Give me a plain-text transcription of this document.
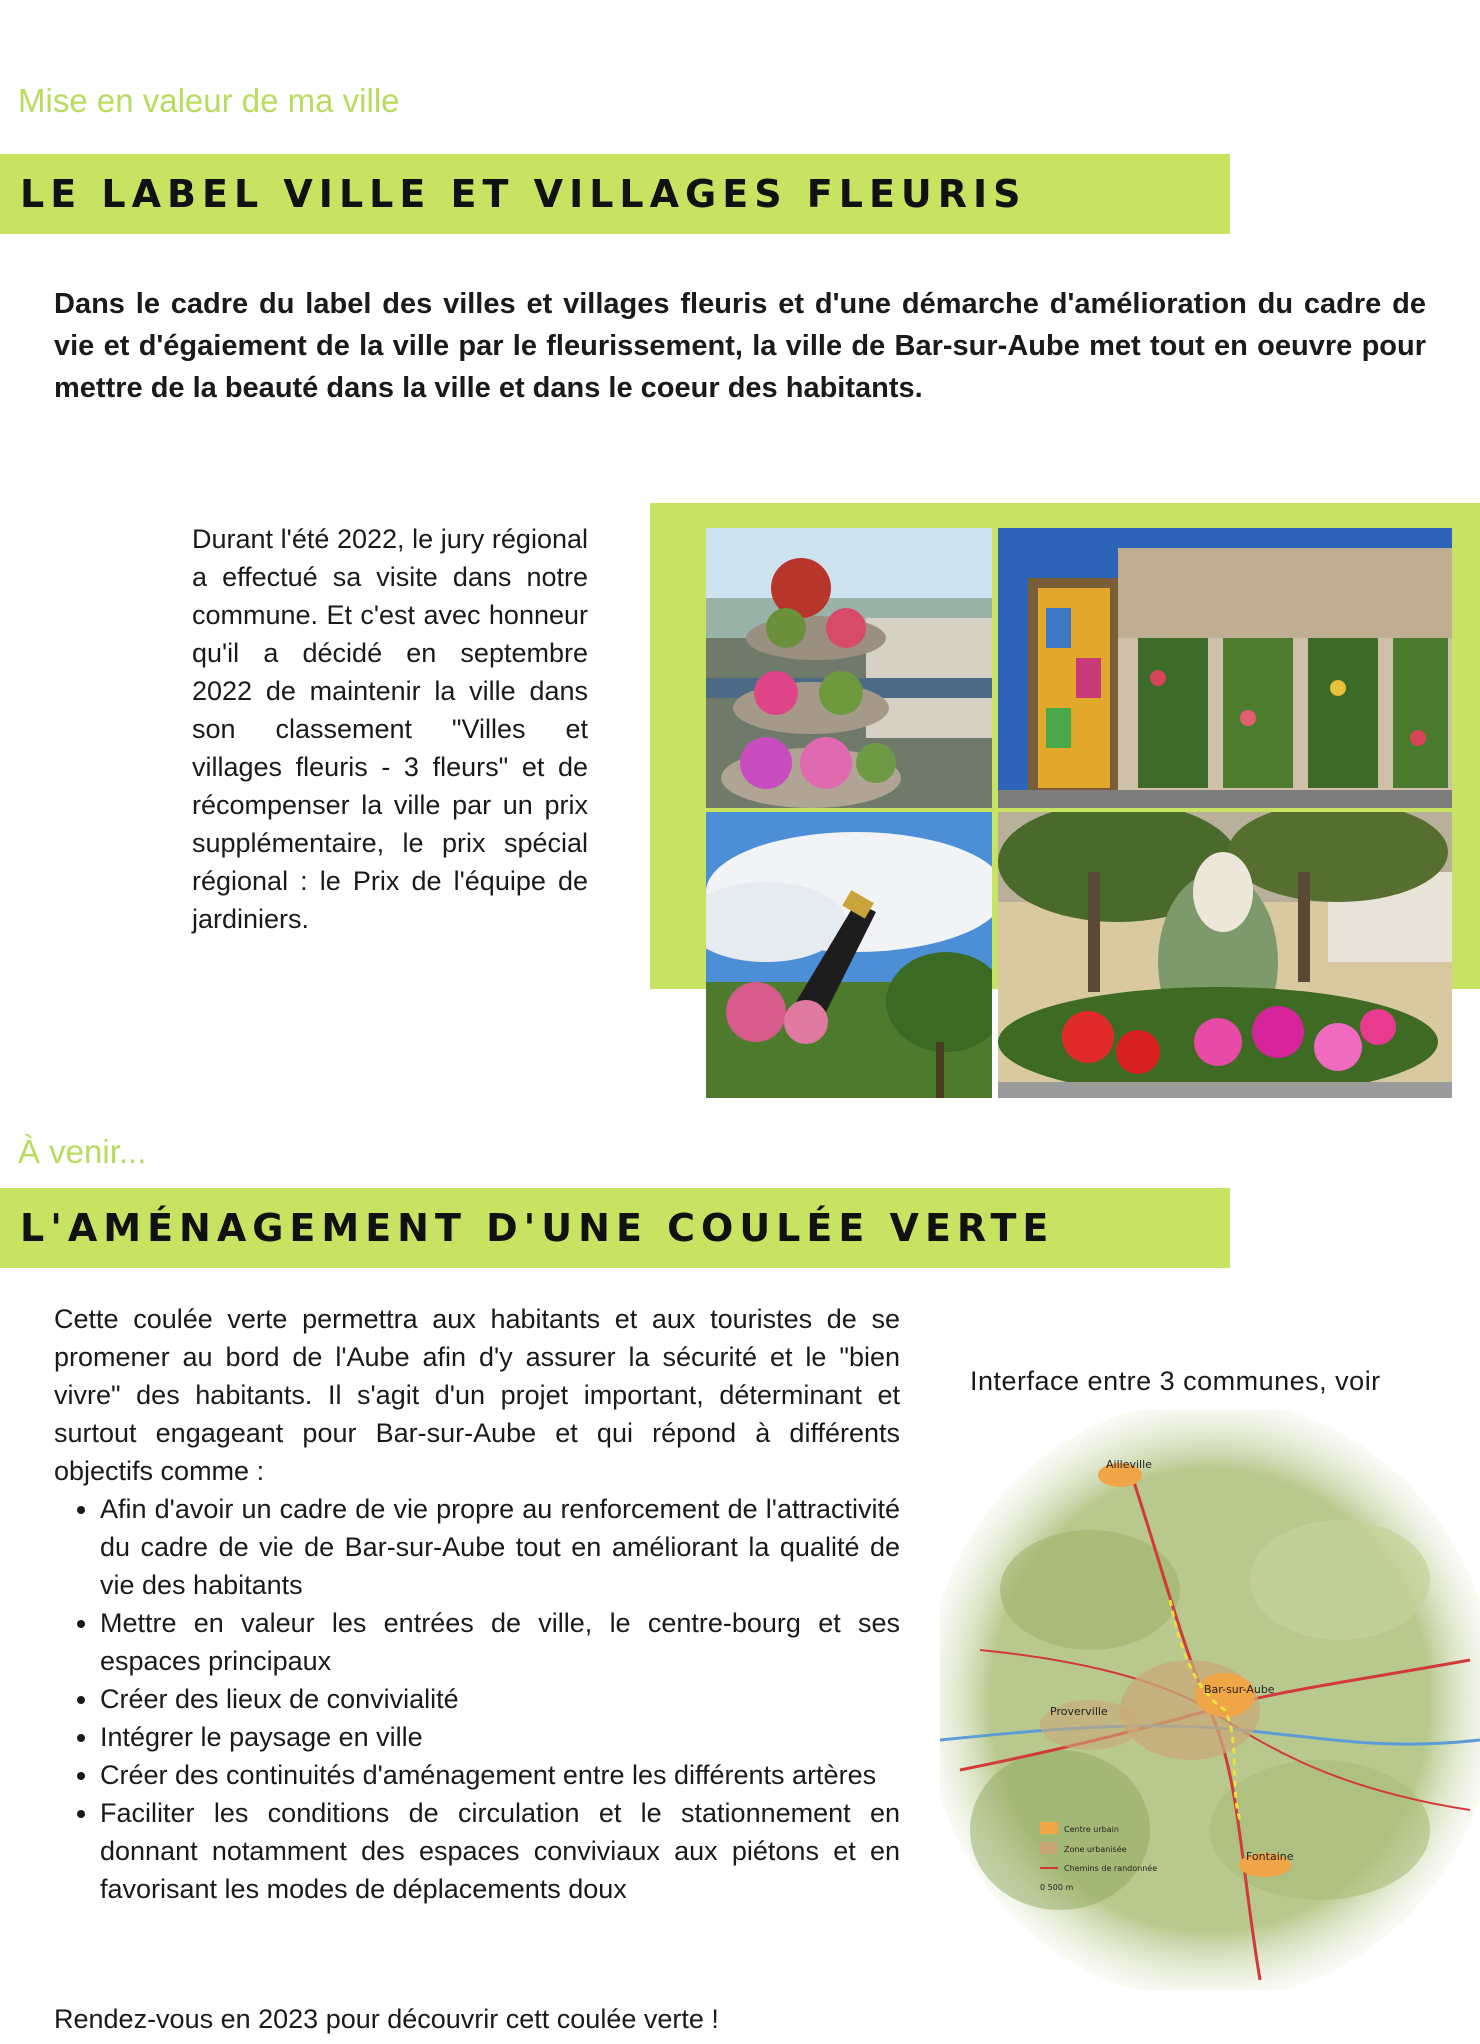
Mise en valeur de ma ville
LE LABEL VILLE ET VILLAGES FLEURIS
Dans le cadre du label des villes et villages fleuris et d'une démarche d'amélioration du cadre de vie et d'égaiement de la ville par le fleurissement, la ville de Bar-sur-Aube met tout en oeuvre pour mettre de la beauté dans la ville et dans le coeur des habitants.
Durant l'été 2022, le jury régional a effectué sa visite dans notre commune. Et c'est avec honneur qu'il a décidé en septembre 2022 de maintenir la ville dans son classement "Villes et villages fleuris - 3 fleurs" et de récompenser la ville par un prix supplémentaire, le prix spécial régional : le Prix de l'équipe de jardiniers.
À venir...
L'AMÉNAGEMENT D'UNE COULÉE VERTE
Cette coulée verte permettra aux habitants et aux touristes de se promener au bord de l'Aube afin d'y assurer la sécurité et le "bien vivre" des habitants. Il s'agit d'un projet important, déterminant et surtout engageant pour Bar-sur-Aube et qui répond à différents objectifs comme :
• Afin d'avoir un cadre de vie propre au renforcement de l'attractivité du cadre de vie de Bar-sur-Aube tout en améliorant la qualité de vie des habitants
• Mettre en valeur les entrées de ville, le centre-bourg et ses espaces principaux
• Créer des lieux de convivialité
• Intégrer le paysage en ville
• Créer des continuités d'aménagement entre les différents artères
• Faciliter les conditions de circulation et le stationnement en donnant notamment des espaces conviviaux aux piétons et en favorisant les modes de déplacements doux
Rendez-vous en 2023 pour découvrir cett coulée verte !
Interface entre 3 communes, voir
Ailleville
Bar-sur-Aube
Proverville
Fontaine
Centre urbain
Zone urbanisée
Chemins de randonnée
0 500 m
